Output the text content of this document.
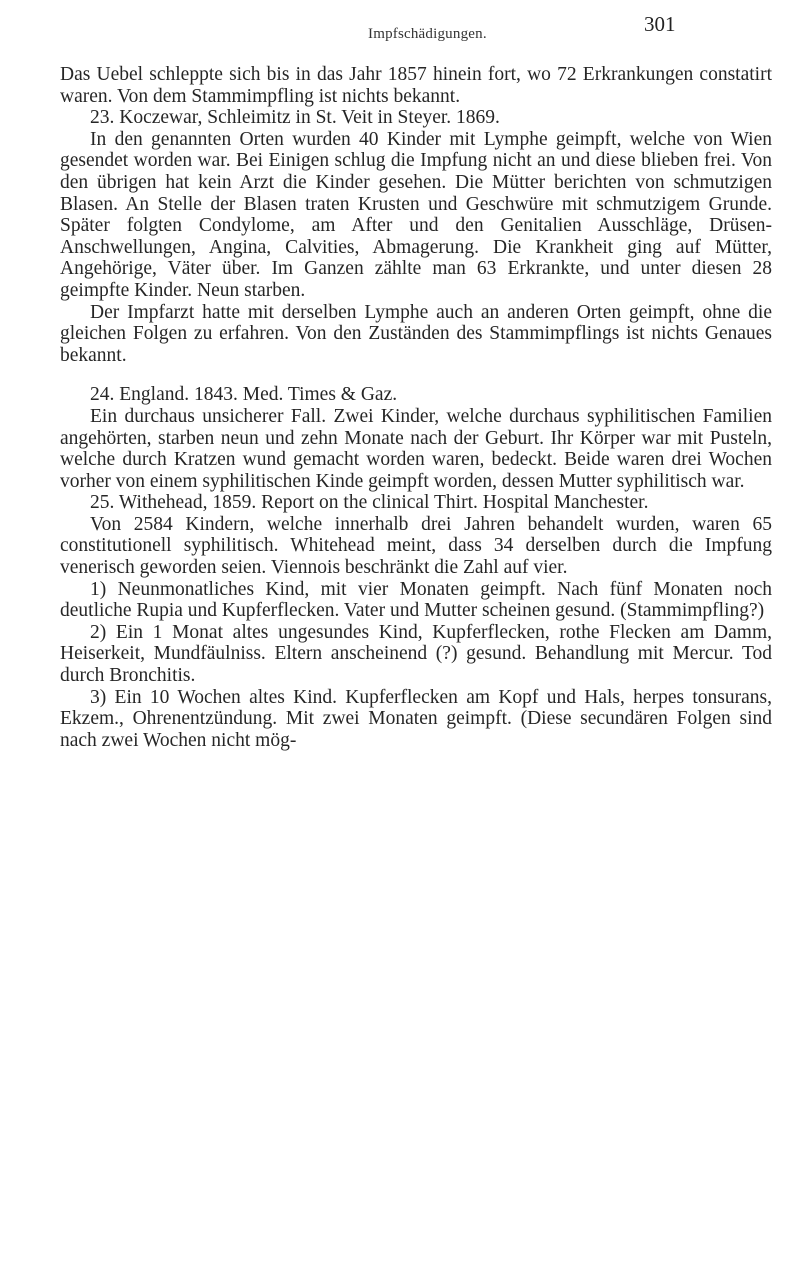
Impfschädigungen.	301

Das Uebel schleppte sich bis in das Jahr 1857 hinein fort, wo 72 Erkrankungen constatirt waren. Von dem Stammimpfling ist nichts bekannt.

23. Koczewar, Schleimitz in St. Veit in Steyer. 1869.

In den genannten Orten wurden 40 Kinder mit Lymphe geimpft, welche von Wien gesendet worden war. Bei Einigen schlug die Impfung nicht an und diese blieben frei. Von den übrigen hat kein Arzt die Kinder gesehen. Die Mütter berichten von schmutzigen Blasen. An Stelle der Blasen traten Krusten und Geschwüre mit schmutzigem Grunde. Später folgten Condylome, am After und den Genitalien Ausschläge, Drüsen-Anschwellungen, Angina, Calvities, Abmagerung. Die Krankheit ging auf Mütter, Angehörige, Väter über. Im Ganzen zählte man 63 Erkrankte, und unter diesen 28 geimpfte Kinder. Neun starben.

Der Impfarzt hatte mit derselben Lymphe auch an anderen Orten geimpft, ohne die gleichen Folgen zu erfahren. Von den Zuständen des Stammimpflings ist nichts Genaues bekannt.

24. England. 1843. Med. Times & Gaz.

Ein durchaus unsicherer Fall. Zwei Kinder, welche durchaus syphilitischen Familien angehörten, starben neun und zehn Monate nach der Geburt. Ihr Körper war mit Pusteln, welche durch Kratzen wund gemacht worden waren, bedeckt. Beide waren drei Wochen vorher von einem syphilitischen Kinde geimpft worden, dessen Mutter syphilitisch war.

25. Withehead, 1859. Report on the clinical Thirt. Hospital Manchester.

Von 2584 Kindern, welche innerhalb drei Jahren behandelt wurden, waren 65 constitutionell syphilitisch. Whitehead meint, dass 34 derselben durch die Impfung venerisch geworden seien. Viennois beschränkt die Zahl auf vier.

1) Neunmonatliches Kind, mit vier Monaten geimpft. Nach fünf Monaten noch deutliche Rupia und Kupferflecken. Vater und Mutter scheinen gesund. (Stammimpfling?)

2) Ein 1 Monat altes ungesundes Kind, Kupferflecken, rothe Flecken am Damm, Heiserkeit, Mundfäulniss. Eltern anscheinend (?) gesund. Behandlung mit Mercur. Tod durch Bronchitis.

3) Ein 10 Wochen altes Kind. Kupferflecken am Kopf und Hals, herpes tonsurans, Ekzem., Ohrenentzündung. Mit zwei Monaten geimpft. (Diese secundären Folgen sind nach zwei Wochen nicht mög-
